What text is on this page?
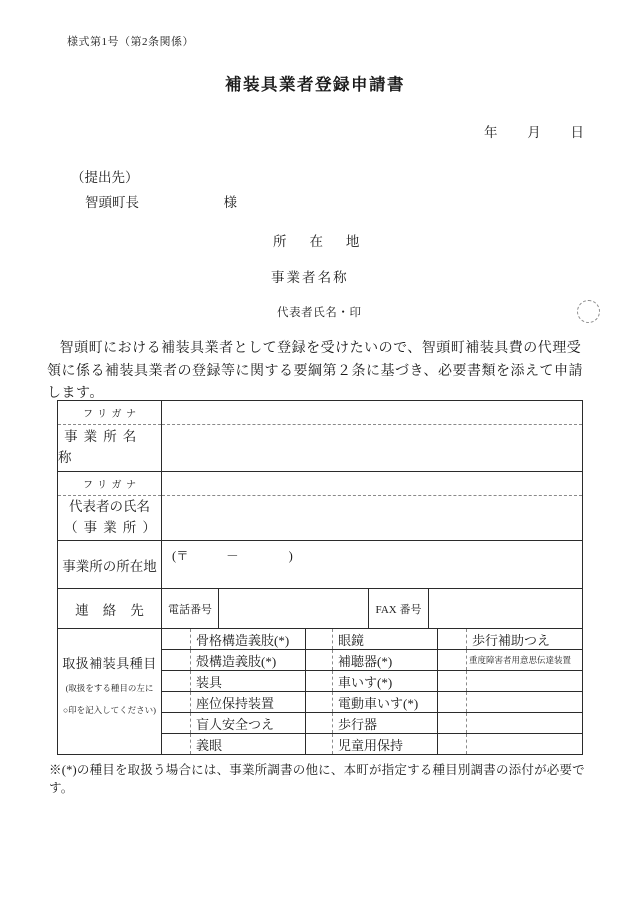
様式第1号（第2条関係）
補装具業者登録申請書
年 月 日
（提出先）
智頭町長	様
所在地
事業者名称
代表者氏名・印
智頭町における補装具業者として登録を受けたいので、智頭町補装具費の代理受領に係る補装具業者の登録等に関する要綱第２条に基づき、必要書類を添えて申請します。
フリガナ
事業所名称
フリガナ
代表者の氏名
（事業所）
事業所の所在地
(〒　　　－　　　　)
連絡先 電話番号	FAX 番号
取扱補装具種目
(取扱をする種目の左に
○印を記入してください)
骨格構造義肢(*)
殻構造義肢(*)
装具
座位保持装置
盲人安全つえ
義眼
眼鏡
補聴器(*)
車いす(*)
電動車いす(*)
歩行器
児童用保持
歩行補助つえ
重度障害者用意思伝達装置
※(*)の種目を取扱う場合には、事業所調書の他に、本町が指定する種目別調書の添付が必要です。
